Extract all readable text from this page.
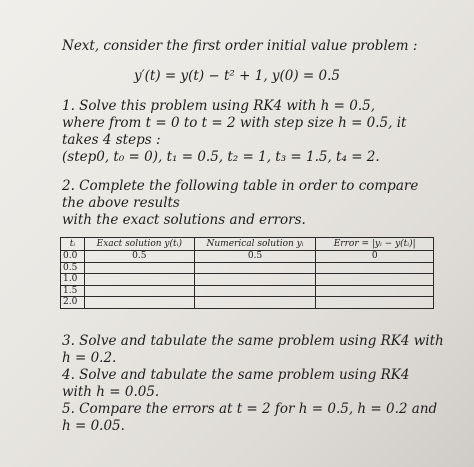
Next, consider the first order initial value problem :
y′(t) = y(t) − t² + 1, y(0) = 0.5
1. Solve this problem using RK4 with h = 0.5,
where from t = 0 to t = 2 with step size h = 0.5, it
takes 4 steps :
(step0, t₀ = 0), t₁ = 0.5, t₂ = 1, t₃ = 1.5, t₄ = 2.
2. Complete the following table in order to compare
the above results
with the exact solutions and errors.
tᵢ	Exact solution y(tᵢ)	Numerical solution yᵢ	Error = |yᵢ − y(tᵢ)|
0.0	0.5	0.5	0
0.5			
1.0			
1.5			
2.0			
3. Solve and tabulate the same problem using RK4 with
h = 0.2.
4. Solve and tabulate the same problem using RK4
with h = 0.05.
5. Compare the errors at t = 2 for h = 0.5, h = 0.2 and
h = 0.05.
